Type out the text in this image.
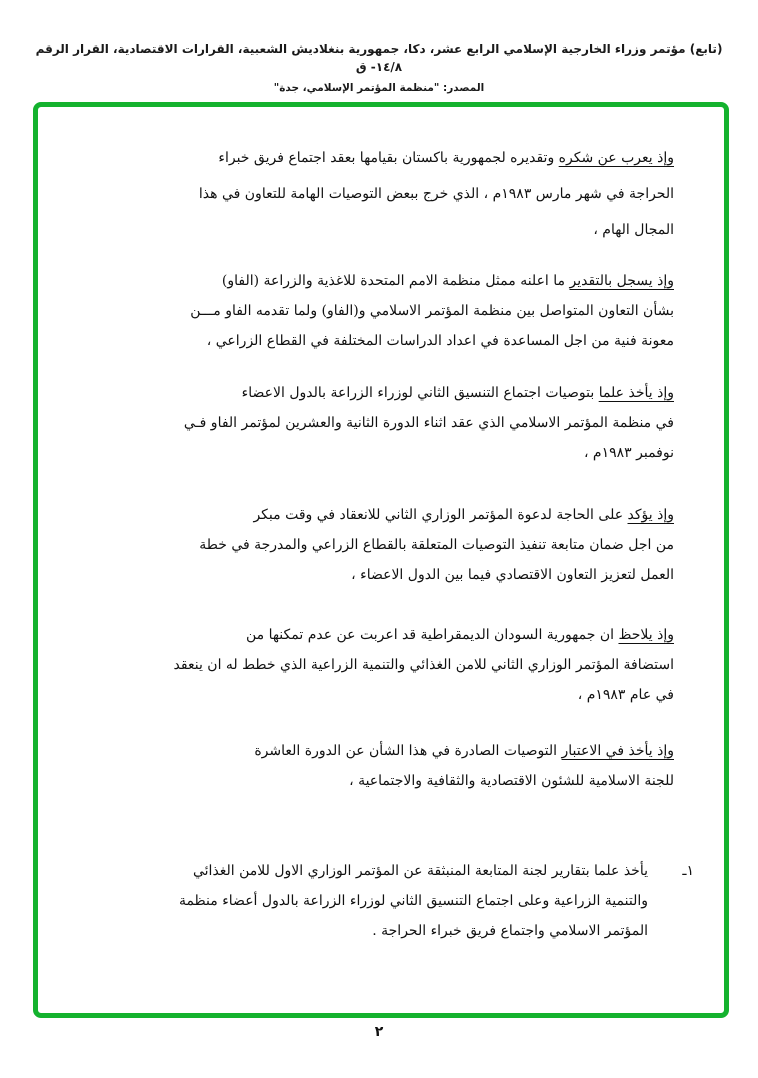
(تابع) مؤتمر وزراء الخارجية الإسلامي الرابع عشر، دكا، جمهورية بنغلاديش الشعبية، القرارات الاقتصادية، القرار الرقم ١٤/٨- ق
المصدر: "منظمة المؤتمر الإسلامي، جدة"
وإذ يعرب عن شكره وتقديره لجمهورية باكستان بقيامها بعقد اجتماع فريق خبراء
الحراجة في شهر مارس ١٩٨٣م ، الذي خرج ببعض التوصيات الهامة للتعاون في هذا
المجال الهام ،
وإذ يسجل بالتقدير ما اعلنه ممثل منظمة الامم المتحدة للاغذية والزراعة (الفاو)
بشأن التعاون المتواصل بين منظمة المؤتمر الاسلامي و(الفاو) ولما تقدمه الفاو مـــن
معونة فنية من اجل المساعدة في اعداد الدراسات المختلفة في القطاع الزراعي ،
وإذ يأخذ علما بتوصيات اجتماع التنسيق الثاني لوزراء الزراعة بالدول الاعضاء
في منظمة المؤتمر الاسلامي الذي عقد اثناء الدورة الثانية والعشرين لمؤتمر الفاو فـي
نوفمبر ١٩٨٣م ،
وإذ يؤكد على الحاجة لدعوة المؤتمر الوزاري الثاني للانعقاد في وقت مبكر
من اجل ضمان متابعة تنفيذ التوصيات المتعلقة بالقطاع الزراعي والمدرجة في خطة
العمل لتعزيز التعاون الاقتصادي فيما بين الدول الاعضاء ،
وإذ يلاحظ ان جمهورية السودان الديمقراطية قد اعربت عن عدم تمكنها من
استضافة المؤتمر الوزاري الثاني للامن الغذائي والتنمية الزراعية الذي خطط له ان ينعقد
في عام ١٩٨٣م ،
وإذ يأخذ في الاعتبار التوصيات الصادرة في هذا الشأن عن الدورة العاشرة
للجنة الاسلامية للشئون الاقتصادية والثقافية والاجتماعية ،
١ـ
يأخذ علما بتقارير لجنة المتابعة المنبثقة عن المؤتمر الوزاري الاول للامن الغذائي
والتنمية الزراعية وعلى اجتماع التنسيق الثاني لوزراء الزراعة بالدول أعضاء منظمة
المؤتمر الاسلامي واجتماع فريق خبراء الحراجة .
٢
